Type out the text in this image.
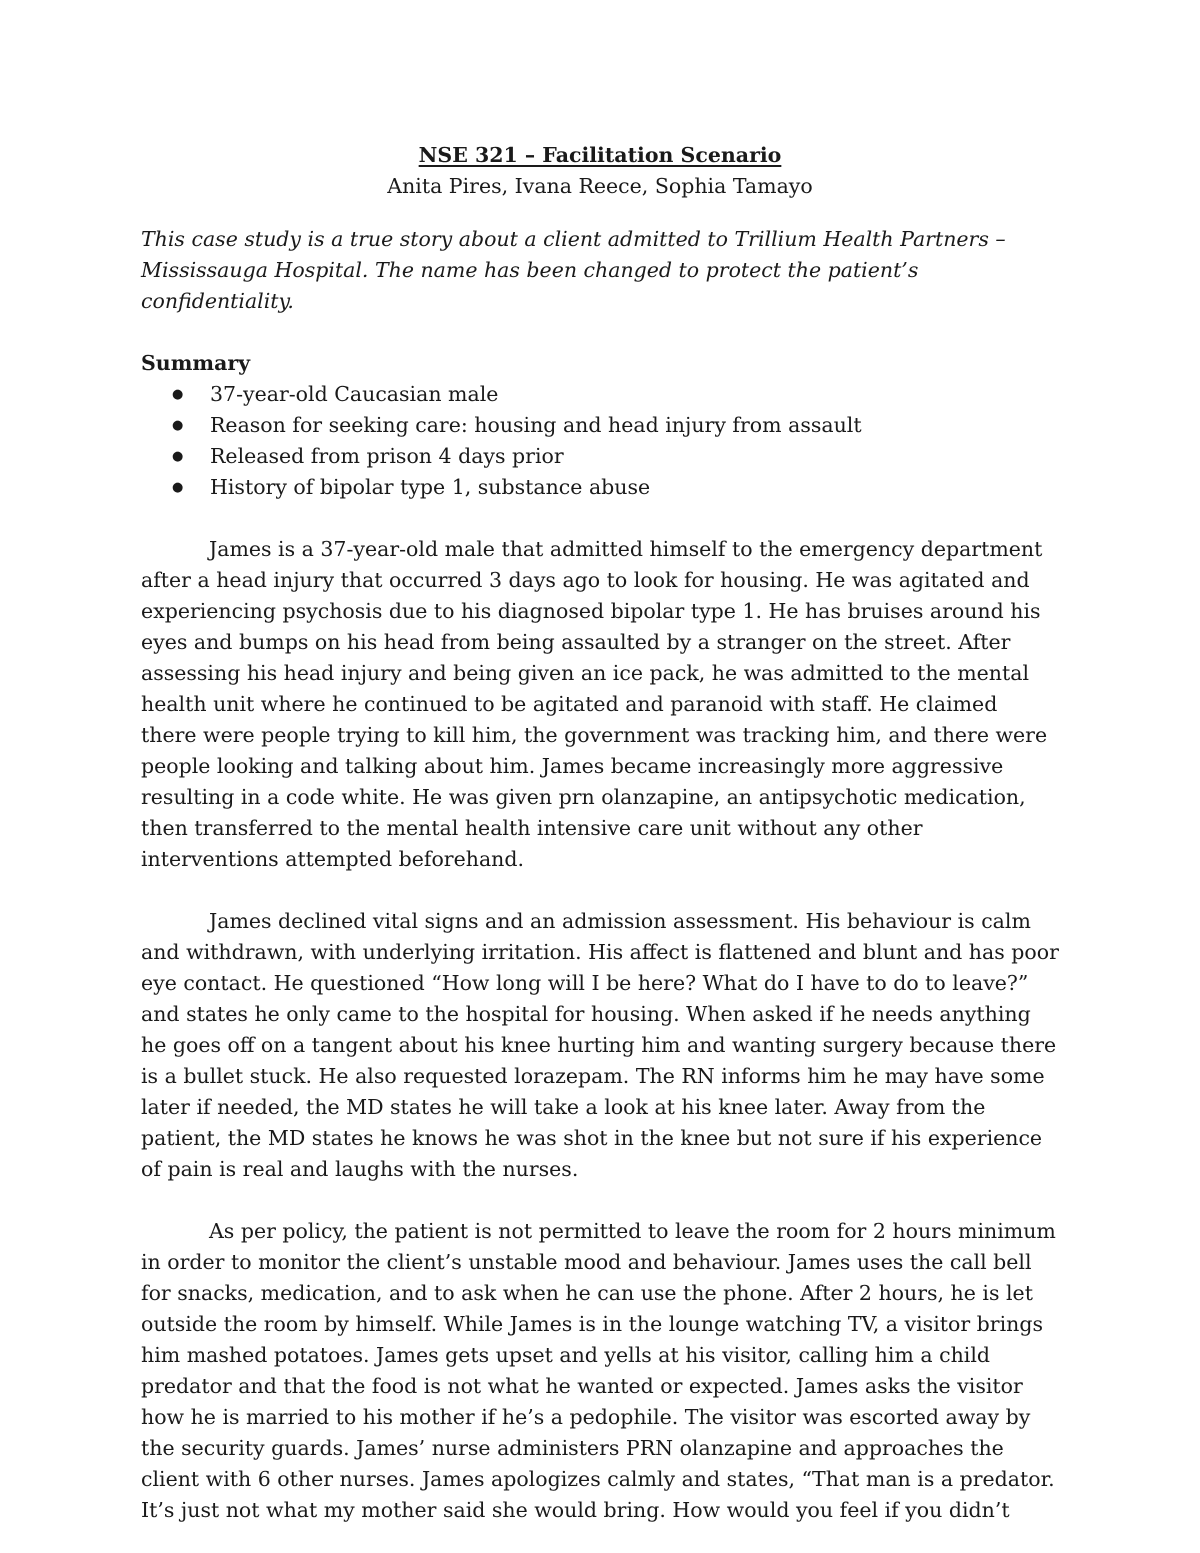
NSE 321 – Facilitation Scenario

Anita Pires, Ivana Reece, Sophia Tamayo

This case study is a true story about a client admitted to Trillium Health Partners – Mississauga Hospital. The name has been changed to protect the patient’s confidentiality.

Summary

● 37-year-old Caucasian male
● Reason for seeking care: housing and head injury from assault
● Released from prison 4 days prior
● History of bipolar type 1, substance abuse

James is a 37-year-old male that admitted himself to the emergency department after a head injury that occurred 3 days ago to look for housing. He was agitated and experiencing psychosis due to his diagnosed bipolar type 1. He has bruises around his eyes and bumps on his head from being assaulted by a stranger on the street. After assessing his head injury and being given an ice pack, he was admitted to the mental health unit where he continued to be agitated and paranoid with staff. He claimed there were people trying to kill him, the government was tracking him, and there were people looking and talking about him. James became increasingly more aggressive resulting in a code white. He was given prn olanzapine, an antipsychotic medication, then transferred to the mental health intensive care unit without any other interventions attempted beforehand.

James declined vital signs and an admission assessment. His behaviour is calm and withdrawn, with underlying irritation. His affect is flattened and blunt and has poor eye contact. He questioned “How long will I be here? What do I have to do to leave?” and states he only came to the hospital for housing. When asked if he needs anything he goes off on a tangent about his knee hurting him and wanting surgery because there is a bullet stuck. He also requested lorazepam. The RN informs him he may have some later if needed, the MD states he will take a look at his knee later. Away from the patient, the MD states he knows he was shot in the knee but not sure if his experience of pain is real and laughs with the nurses.

As per policy, the patient is not permitted to leave the room for 2 hours minimum in order to monitor the client’s unstable mood and behaviour. James uses the call bell for snacks, medication, and to ask when he can use the phone. After 2 hours, he is let outside the room by himself. While James is in the lounge watching TV, a visitor brings him mashed potatoes. James gets upset and yells at his visitor, calling him a child predator and that the food is not what he wanted or expected. James asks the visitor how he is married to his mother if he’s a pedophile. The visitor was escorted away by the security guards. James’ nurse administers PRN olanzapine and approaches the client with 6 other nurses. James apologizes calmly and states, “That man is a predator. It’s just not what my mother said she would bring. How would you feel if you didn’t
